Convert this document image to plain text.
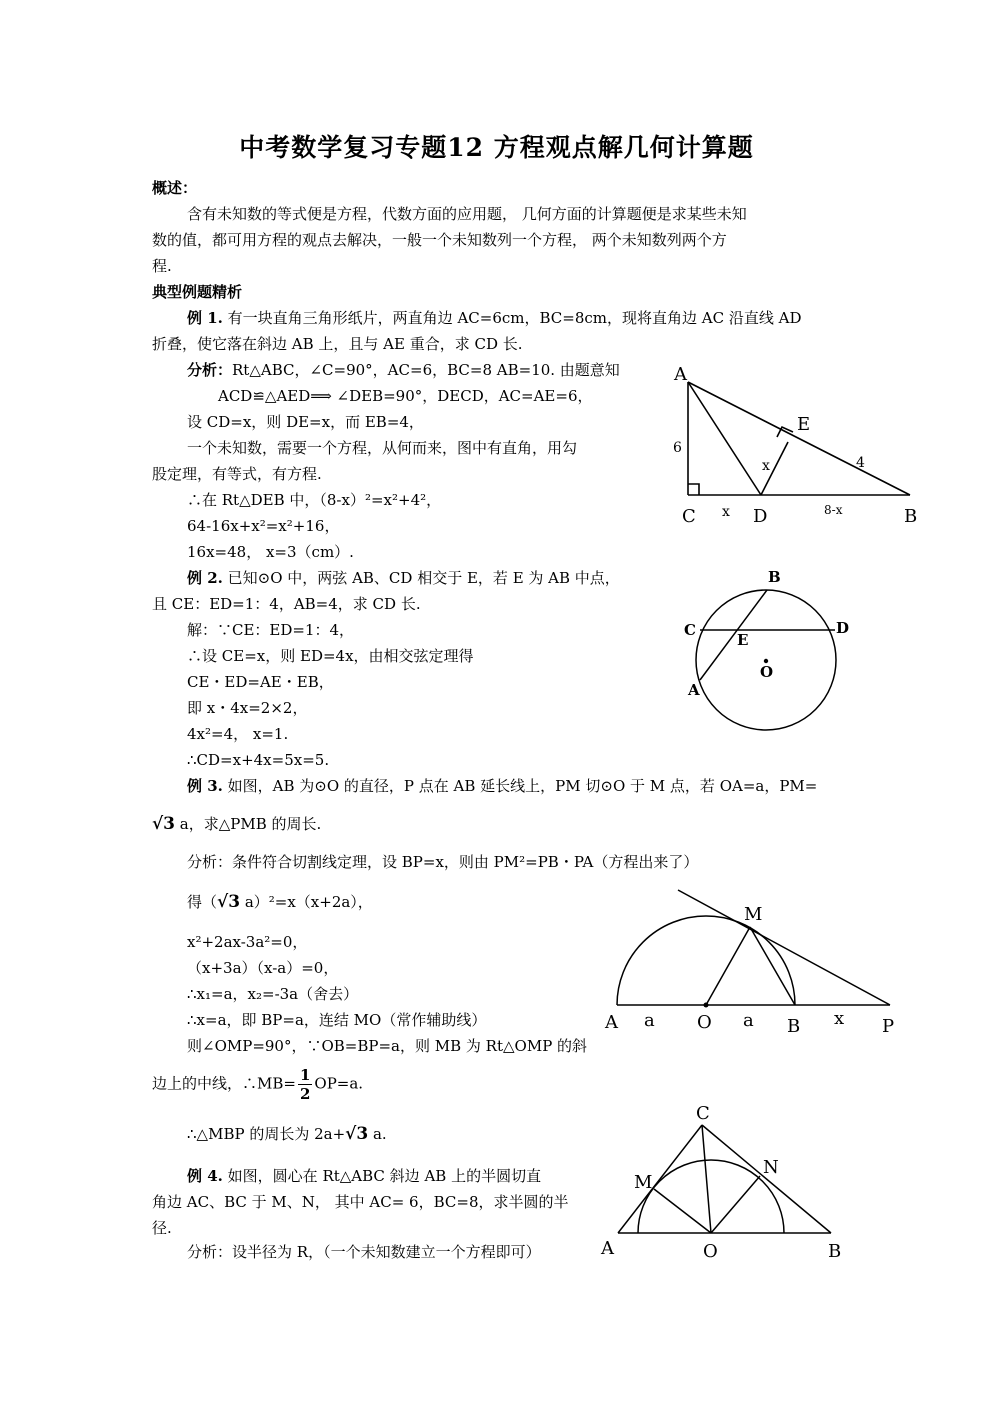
中考数学复习专题12 方程观点解几何计算题
概述：
含有未知数的等式便是方程，代数方面的应用题， 几何方面的计算题便是求某些未知
数的值，都可用方程的观点去解决，一般一个未知数列一个方程， 两个未知数列两个方
程.
典型例题精析
例 1. 有一块直角三角形纸片，两直角边 AC=6cm，BC=8cm，现将直角边 AC 沿直线 AD
折叠，使它落在斜边 AB 上，且与 AE 重合，求 CD 长.
分析：Rt△ABC，∠C=90°，AC=6，BC=8 AB=10. 由题意知
ACD≌△AED⟹ ∠DEB=90°，DECD，AC=AE=6，
设 CD=x，则 DE=x，而 EB=4，
一个未知数，需要一个方程，从何而来，图中有直角，用勾
股定理，有等式，有方程.
∴在 Rt△DEB 中，（8-x）²=x²+4²，
64-16x+x²=x²+16，
16x=48， x=3（cm）.
A
C	D	B
E
6
x
x
4
8-x
例 2. 已知⊙O 中，两弦 AB、CD 相交于 E，若 E 为 AB 中点，
且 CE：ED=1：4，AB=4，求 CD 长.
解：∵CE：ED=1：4，
∴设 CE=x，则 ED=4x，由相交弦定理得
CE・ED=AE・EB，
即 x・4x=2×2，
4x²=4， x=1.
∴CD=x+4x=5x=5.
B
C	D
E
O
A
例 3. 如图，AB 为⊙O 的直径，P 点在 AB 延长线上，PM 切⊙O 于 M 点，若 OA=a，PM=
√3 a，求△PMB 的周长.
分析：条件符合切割线定理，设 BP=x，则由 PM²=PB・PA（方程出来了）
得（√3 a）²=x（x+2a），
x²+2ax-3a²=0，
（x+3a）（x-a）=0，
∴x₁=a，x₂=-3a（舍去）
∴x=a，即 BP=a，连结 MO（常作辅助线）
则∠OMP=90°，∵OB=BP=a，则 MB 为 Rt△OMP 的斜
边上的中线，∴MB= $\frac{1}{2} OP=a$.
∴△MBP 的周长为 2a+√3 a.
M
A a O a B x P
例 4. 如图，圆心在 Rt△ABC 斜边 AB 上的半圆切直
角边 AC、BC 于 M、N， 其中 AC= 6，BC=8，求半圆的半
径.
分析：设半径为 R，（一个未知数建立一个方程即可）
C
M
N
A	O	B
